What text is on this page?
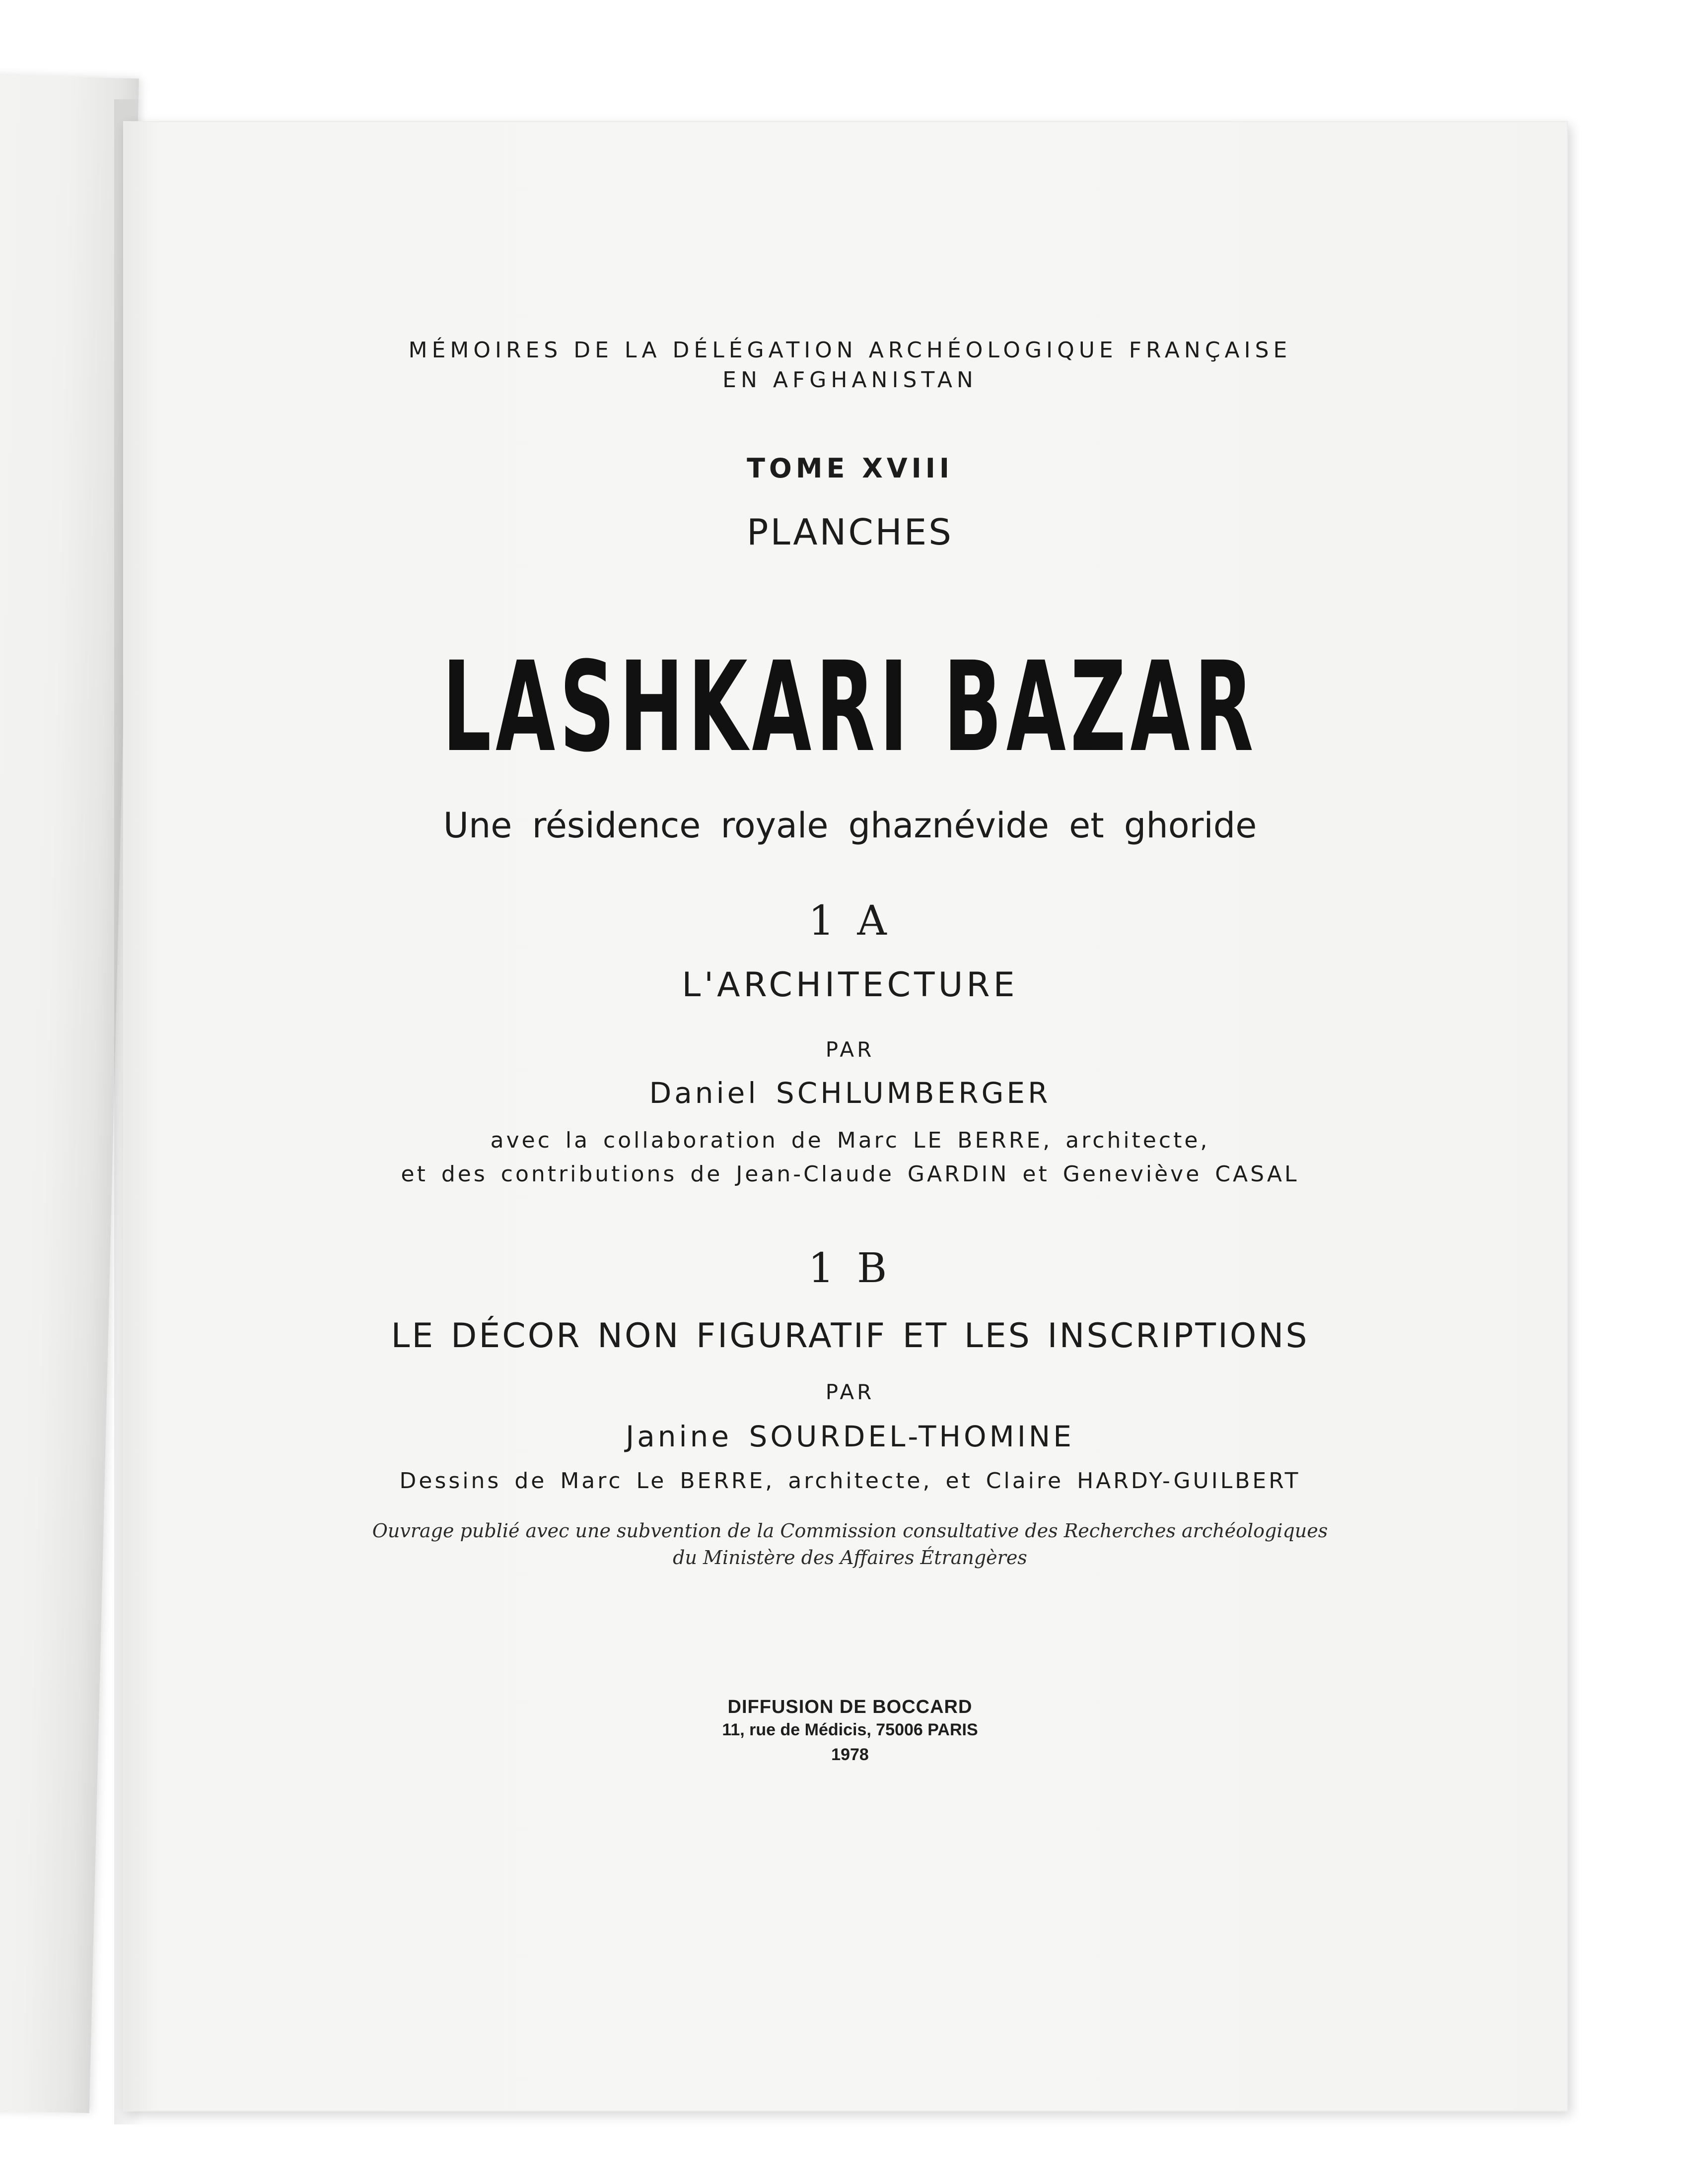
MÉMOIRES DE LA DÉLÉGATION ARCHÉOLOGIQUE FRANÇAISE

EN AFGHANISTAN

TOME XVIII

PLANCHES

LASHKARI BAZAR

Une résidence royale ghaznévide et ghoride

1 A

L'ARCHITECTURE

PAR

Daniel SCHLUMBERGER

avec la collaboration de Marc LE BERRE, architecte,

et des contributions de Jean-Claude GARDIN et Geneviève CASAL

1 B

LE DÉCOR NON FIGURATIF ET LES INSCRIPTIONS

PAR

Janine SOURDEL-THOMINE

Dessins de Marc Le BERRE, architecte, et Claire HARDY-GUILBERT

Ouvrage publié avec une subvention de la Commission consultative des Recherches archéologiques

du Ministère des Affaires Étrangères

DIFFUSION DE BOCCARD

11, rue de Médicis, 75006 PARIS

1978
